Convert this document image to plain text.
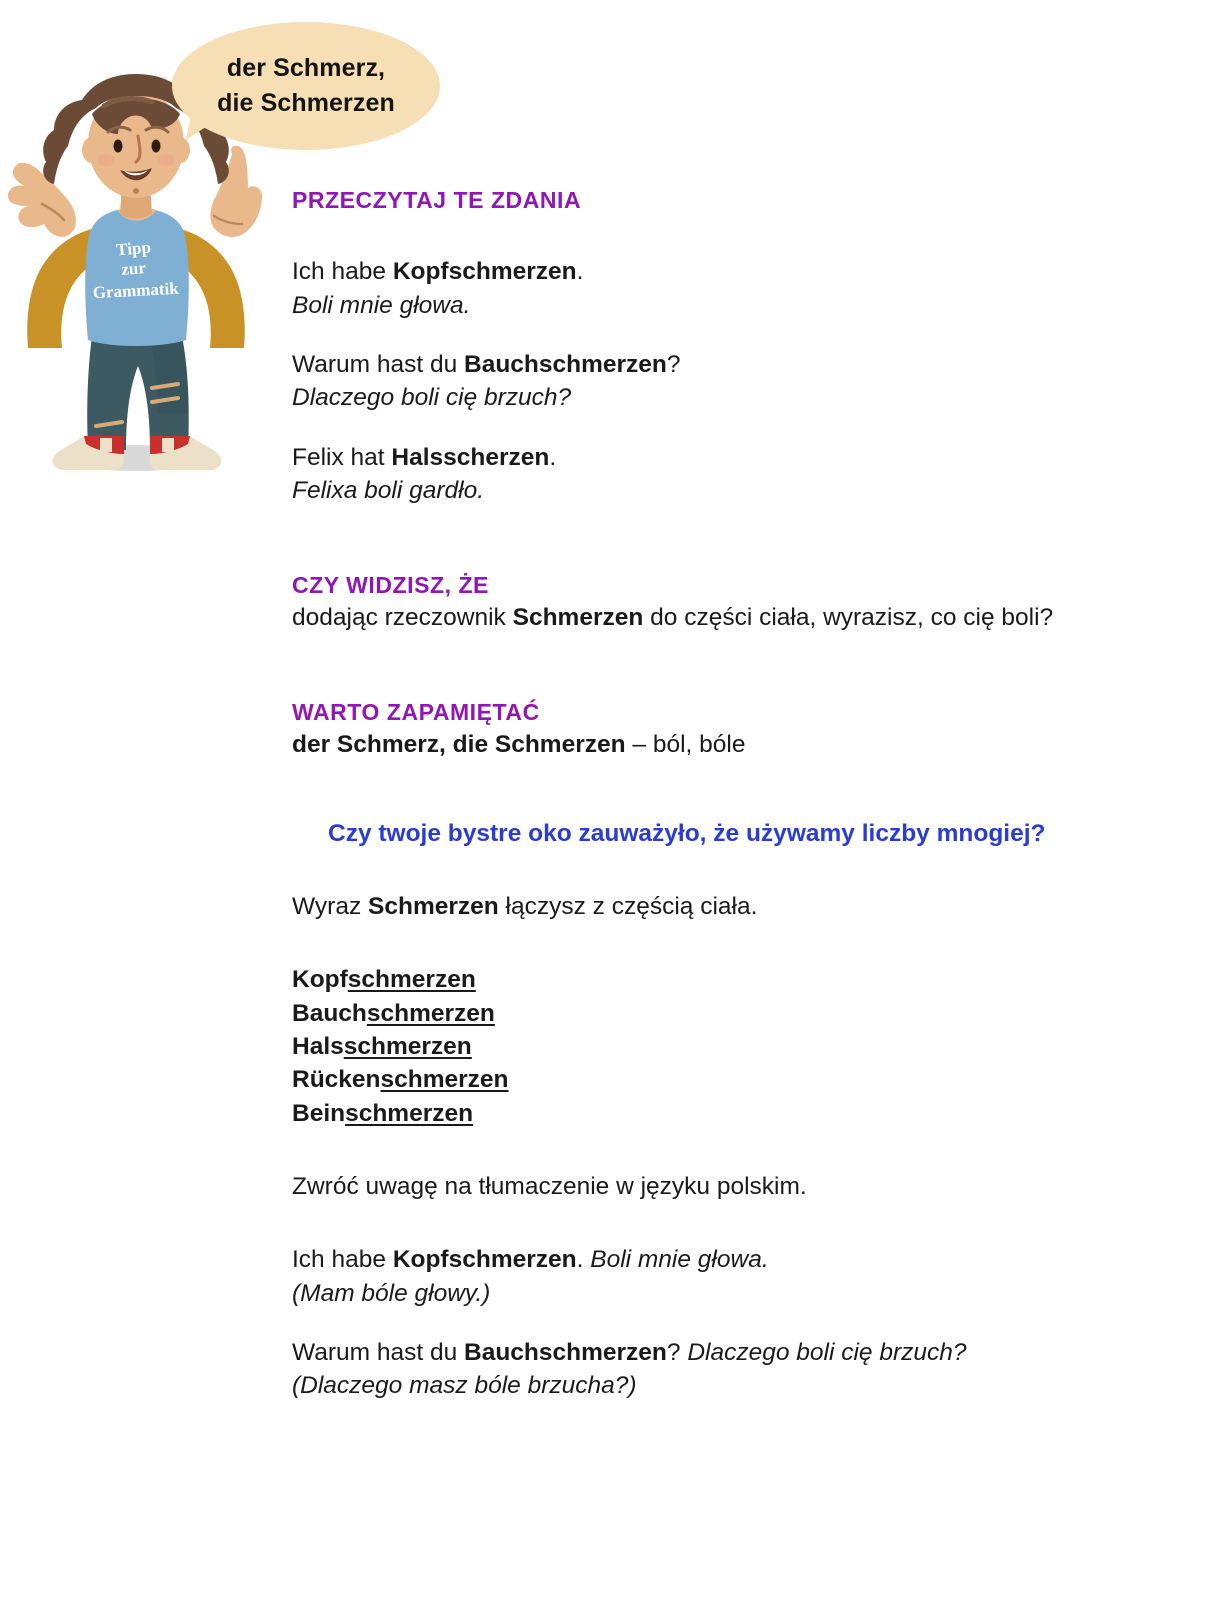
Tipp
zur
Grammatik
der Schmerz,
die Schmerzen
PRZECZYTAJ TE ZDANIA
Ich habe Kopfschmerzen.
Boli mnie głowa.
Warum hast du Bauchschmerzen?
Dlaczego boli cię brzuch?
Felix hat Halsscherzen.
Felixa boli gardło.
CZY WIDZISZ, ŻE
dodając rzeczownik Schmerzen do części ciała, wyrazisz, co cię boli?
WARTO ZAPAMIĘTAĆ
der Schmerz, die Schmerzen – ból, bóle
Czy twoje bystre oko zauważyło, że używamy liczby mnogiej?
Wyraz Schmerzen łączysz z częścią ciała.
Kopfschmerzen
Bauchschmerzen
Halsschmerzen
Rückenschmerzen
Beinschmerzen
Zwróć uwagę na tłumaczenie w języku polskim.
Ich habe Kopfschmerzen. Boli mnie głowa.
(Mam bóle głowy.)
Warum hast du Bauchschmerzen? Dlaczego boli cię brzuch?
(Dlaczego masz bóle brzucha?)
